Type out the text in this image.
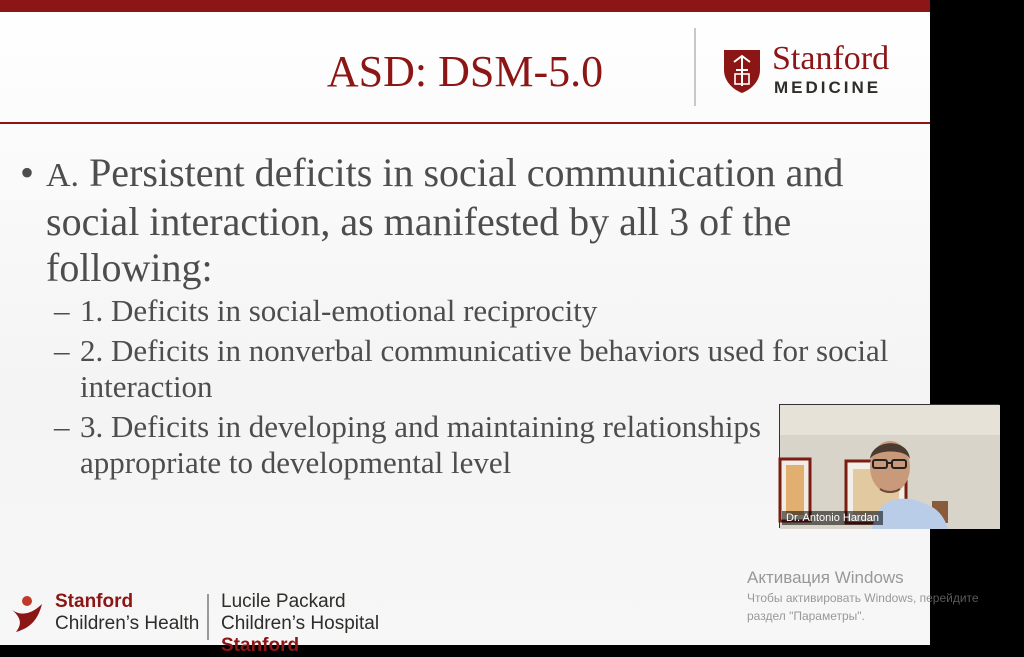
ASD: DSM-5.0	Stanford
MEDICINE
• A. Persistent deficits in social communication and social interaction, as manifested by all 3 of the following:
– 1. Deficits in social-emotional reciprocity
– 2. Deficits in nonverbal communicative behaviors used for social interaction
– 3. Deficits in developing and maintaining relationships appropriate to developmental level
Stanford
Children’s Health
Lucile Packard
Children’s Hospital
Stanford
Dr. Antonio Hardan
Активация Windows
Чтобы активировать Windows, перейдите
раздел "Параметры".
